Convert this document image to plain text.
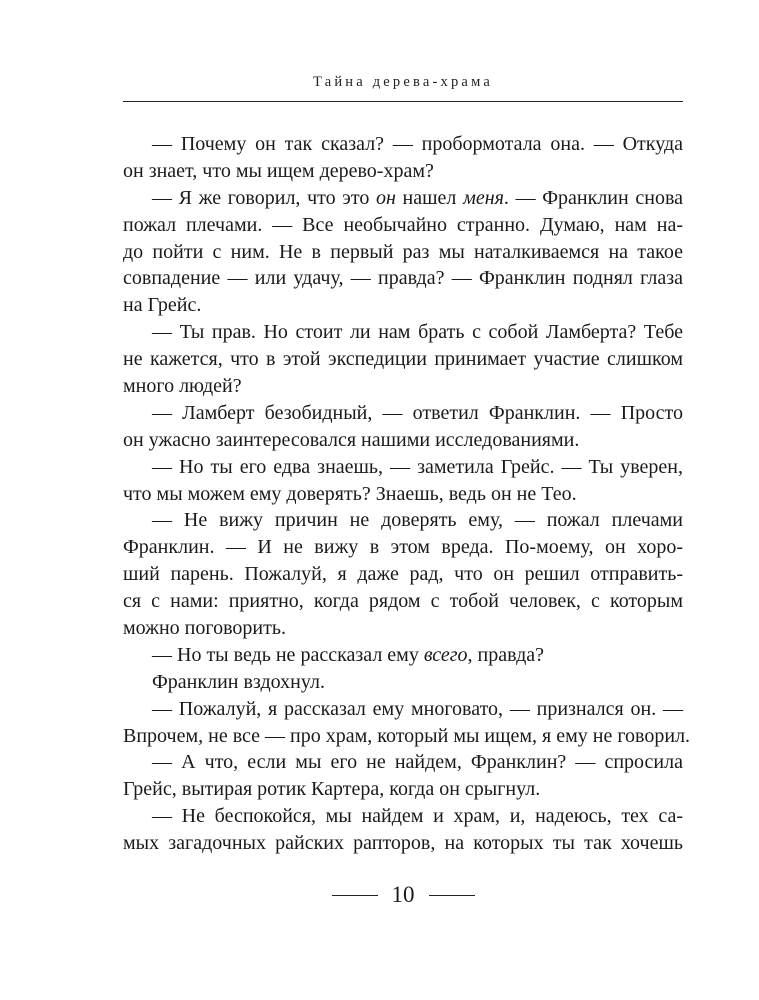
Тайна дерева-храма
— Почему он так сказал? — пробормотала она. — Откуда
он знает, что мы ищем дерево-храм?
— Я же говорил, что это он нашел меня. — Франклин снова
пожал плечами. — Все необычайно странно. Думаю, нам на-
до пойти с ним. Не в первый раз мы наталкиваемся на такое
совпадение — или удачу, — правда? — Франклин поднял глаза
на Грейс.
— Ты прав. Но стоит ли нам брать с собой Ламберта? Тебе
не кажется, что в этой экспедиции принимает участие слишком
много людей?
— Ламберт безобидный, — ответил Франклин. — Просто
он ужасно заинтересовался нашими исследованиями.
— Но ты его едва знаешь, — заметила Грейс. — Ты уверен,
что мы можем ему доверять? Знаешь, ведь он не Тео.
— Не вижу причин не доверять ему, — пожал плечами
Франклин. — И не вижу в этом вреда. По-моему, он хоро-
ший парень. Пожалуй, я даже рад, что он решил отправить-
ся с нами: приятно, когда рядом с тобой человек, с которым
можно поговорить.
— Но ты ведь не рассказал ему всего, правда?
Франклин вздохнул.
— Пожалуй, я рассказал ему многовато, — признался он. —
Впрочем, не все — про храм, который мы ищем, я ему не говорил.
— А что, если мы его не найдем, Франклин? — спросила
Грейс, вытирая ротик Картера, когда он срыгнул.
— Не беспокойся, мы найдем и храм, и, надеюсь, тех са-
мых загадочных райских рапторов, на которых ты так хочешь
10
